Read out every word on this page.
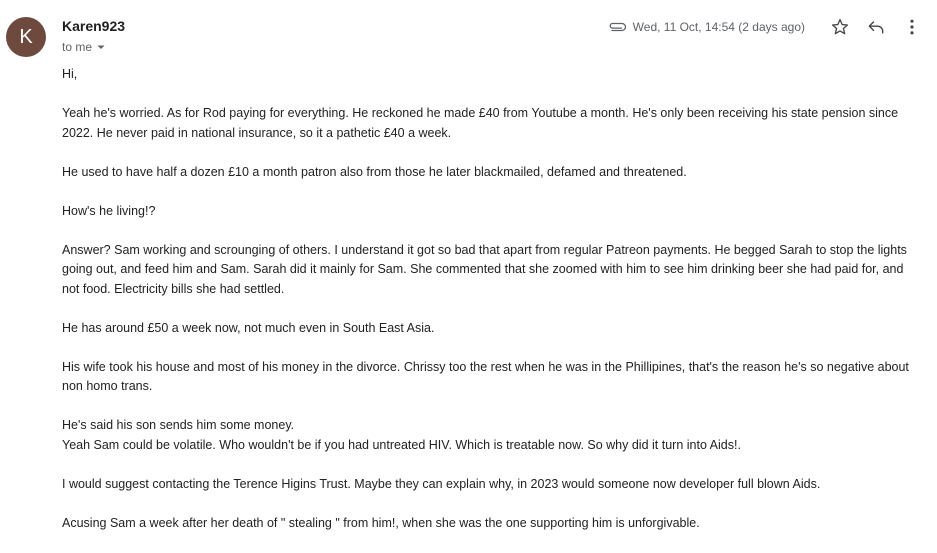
K	Karen923
to me
Wed, 11 Oct, 14:54 (2 days ago)

Hi,

Yeah he's worried. As for Rod paying for everything. He reckoned he made £40 from Youtube a month. He's only been receiving his state pension since 2022. He never paid in national insurance, so it a pathetic £40 a week.

He used to have half a dozen £10 a month patron also from those he later blackmailed, defamed and threatened.

How's he living!?

Answer? Sam working and scrounging of others. I understand it got so bad that apart from regular Patreon payments. He begged Sarah to stop the lights going out, and feed him and Sam. Sarah did it mainly for Sam. She commented that she zoomed with him to see him drinking beer she had paid for, and not food. Electricity bills she had settled.

He has around £50 a week now, not much even in South East Asia.

His wife took his house and most of his money in the divorce. Chrissy too the rest when he was in the Phillipines, that's the reason he's so negative about non homo trans.

He's said his son sends him some money.
Yeah Sam could be volatile. Who wouldn't be if you had untreated HIV. Which is treatable now. So why did it turn into Aids!.

I would suggest contacting the Terence Higins Trust. Maybe they can explain why, in 2023 would someone now developer full blown Aids.

Acusing Sam a week after her death of " stealing " from him!, when she was the one supporting him is unforgivable.
